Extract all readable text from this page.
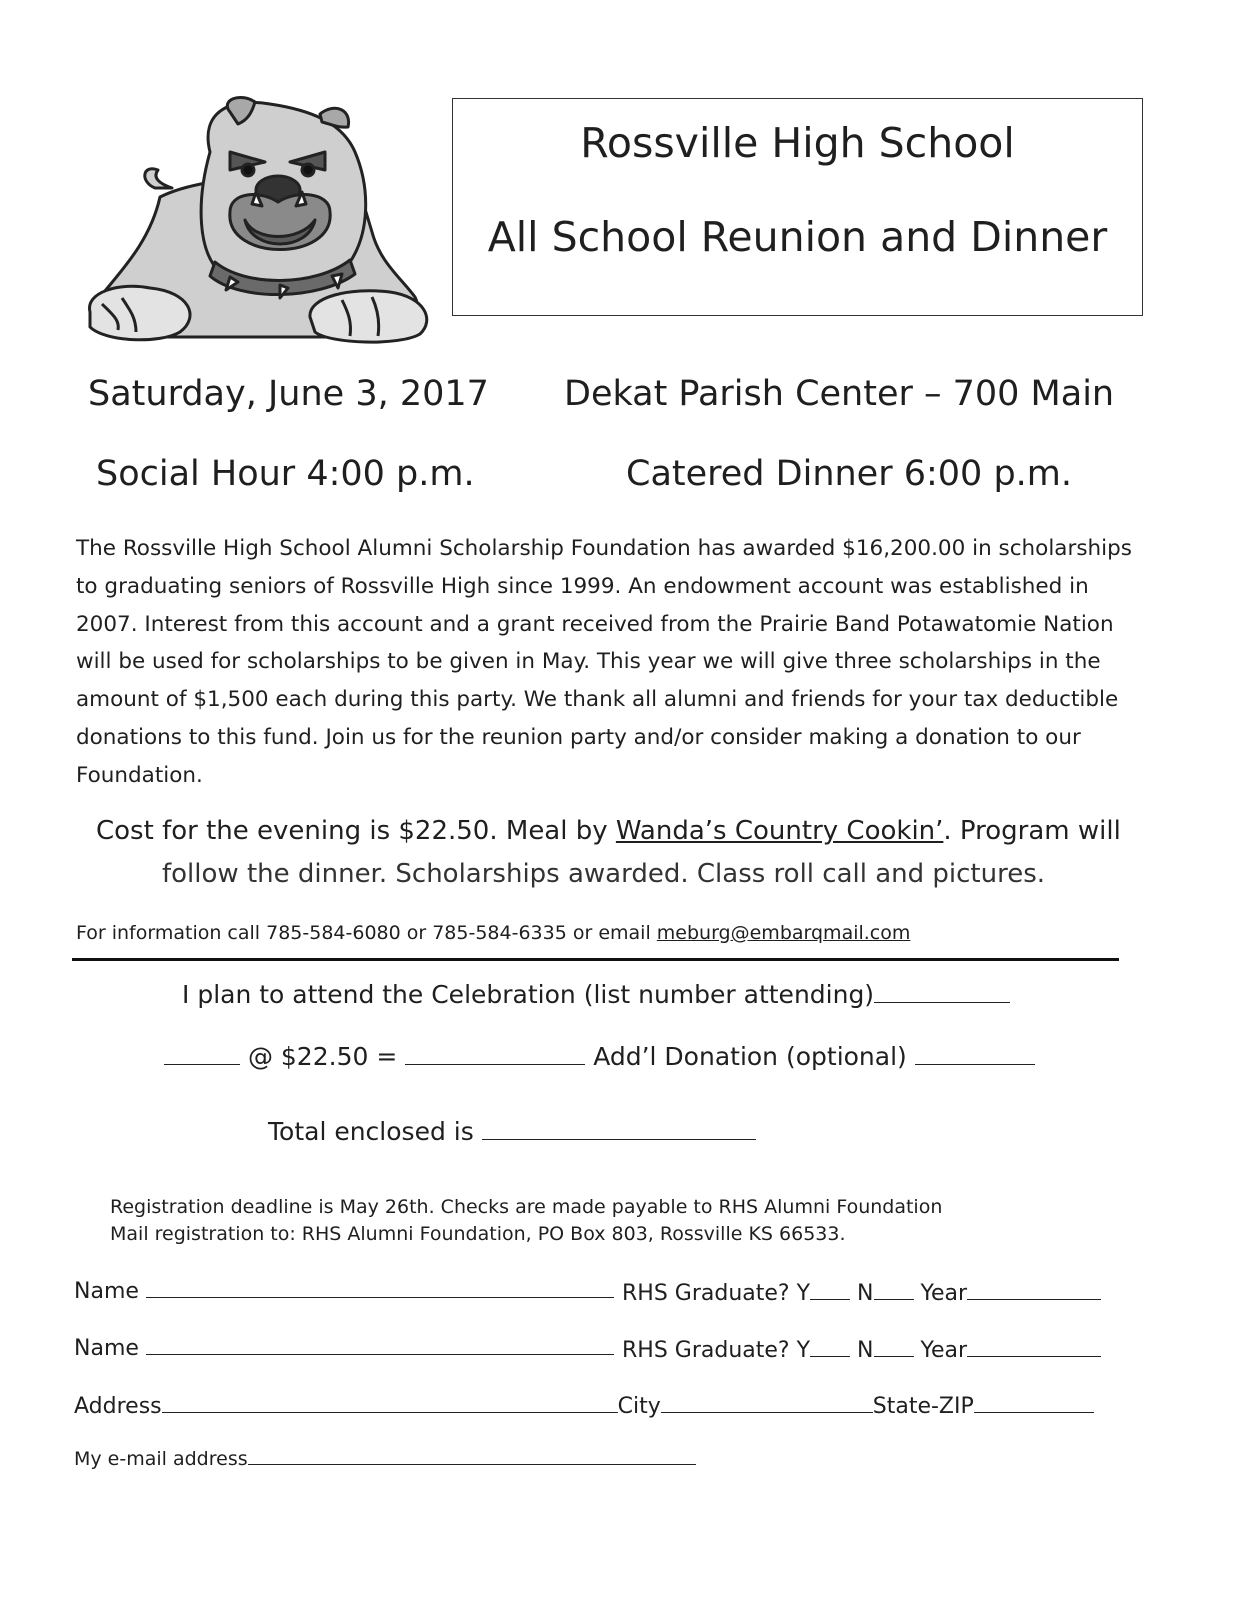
Rossville High School
All School Reunion and Dinner
Saturday, June 3, 2017 Dekat Parish Center – 700 Main
Social Hour 4:00 p.m.	Catered Dinner 6:00 p.m.

The Rossville High School Alumni Scholarship Foundation has awarded $16,200.00 in scholarships to graduating seniors of Rossville High since 1999. An endowment account was established in 2007. Interest from this account and a grant received from the Prairie Band Potawatomie Nation will be used for scholarships to be given in May. This year we will give three scholarships in the amount of $1,500 each during this party. We thank all alumni and friends for your tax deductible donations to this fund. Join us for the reunion party and/or consider making a donation to our Foundation.

Cost for the evening is $22.50. Meal by Wanda’s Country Cookin’. Program will
follow the dinner. Scholarships awarded. Class roll call and pictures.
For information call 785-584-6080 or 785-584-6335 or email meburg@embarqmail.com
I plan to attend the Celebration (list number attending)
@ $22.50 =	Add’l Donation (optional)
Total enclosed is
Registration deadline is May 26th. Checks are made payable to RHS Alumni Foundation
Mail registration to: RHS Alumni Foundation, PO Box 803, Rossville KS 66533.
Name	RHS Graduate? Y N Year
Name	RHS Graduate? Y N Year
Address	City	State-ZIP
My e-mail address
